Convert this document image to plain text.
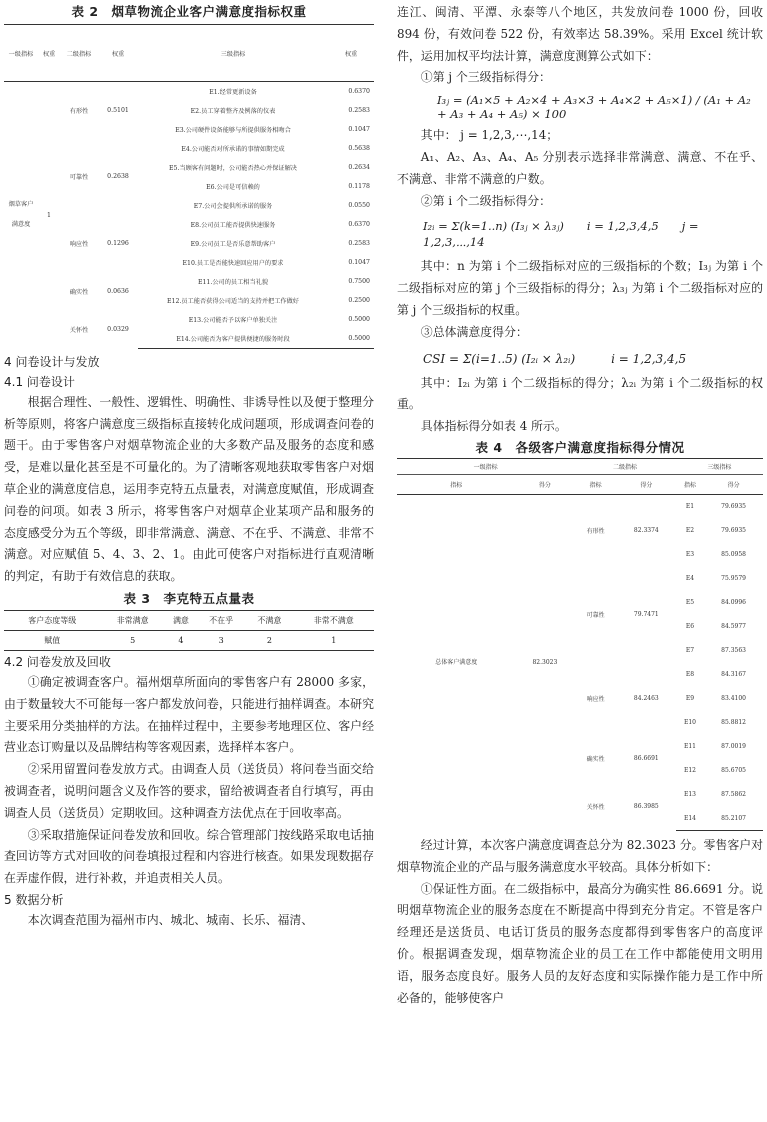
表 2　烟草物流企业客户满意度指标权重
一级指标	权重	二级指标	权重	三级指标	权重
烟草客户满意度	1	有形性	0.5101	E1.经常更新设备	0.6370
				E2.员工穿着整齐及例落的仪表	0.2583
				E3.公司硬件设备能够与所提供服务相吻合	0.1047
		可靠性	0.2638	E4.公司能否对所承诺的事情如期完成	0.5638
				E5.当顾客有问题时，公司能否热心并保证解决	0.2634
				E6.公司是可信赖的	0.1178
				E7.公司会提供所承诺的服务	0.0550
		响应性	0.1296	E8.公司员工能否提供快速服务	0.6370
				E9.公司员工是否乐意帮助客户	0.2583
				E10.员工是否能快速回应用户的要求	0.1047
		确实性	0.0636	E11.公司的员工相当礼貌	0.7500
				E12.员工能否获得公司适当的支持并把工作做好	0.2500
		关怀性	0.0329	E13.公司能否予以客户单独关注	0.5000
				E14.公司能否为客户提供便捷的服务时段	0.5000

4 问卷设计与发放

4.1 问卷设计

根据合理性、一般性、逻辑性、明确性、非诱导性以及便于整理分析等原则，将客户满意度三级指标直接转化成问题项，形成调查问卷的题干。由于零售客户对烟草物流企业的大多数产品及服务的态度和感受，是难以量化甚至是不可量化的。为了清晰客观地获取零售客户对烟草企业的满意度信息，运用李克特五点量表，对满意度赋值，形成调查问卷的问项。如表 3 所示，将零售客户对烟草企业某项产品和服务的态度感受分为五个等级，即非常满意、满意、不在乎、不满意、非常不满意。对应赋值 5、4、3、2、1。由此可使客户对指标进行直观清晰的判定，有助于有效信息的获取。

表 3　李克特五点量表
客户态度等级	非常满意	满意	不在乎	不满意	非常不满意
赋值	5	4	3	2	1

4.2 问卷发放及回收

①确定被调查客户。福州烟草所面向的零售客户有 28000 多家，由于数量较大不可能每一客户都发放问卷，只能进行抽样调查。本研究主要采用分类抽样的方法。在抽样过程中，主要参考地理区位、客户经营业态订购量以及品牌结构等客观因素，选择样本客户。

②采用留置问卷发放方式。由调查人员（送货员）将问卷当面交给被调查者，说明问题含义及作答的要求，留给被调查者自行填写，再由调查人员（送货员）定期收回。这种调查方法优点在于回收率高。

③采取措施保证问卷发放和回收。综合管理部门按线路采取电话抽查回访等方式对回收的问卷填报过程和内容进行核查。如果发现数据存在弄虚作假，进行补救，并追责相关人员。

5 数据分析

本次调查范围为福州市内、城北、城南、长乐、福清、

连江、闽清、平潭、永泰等八个地区，共发放问卷 1000 份，回收 894 份，有效问卷 522 份，有效率达 58.39%。采用 Excel 统计软件，运用加权平均法计算，满意度测算公式如下：

①第 j 个三级指标得分：

I₃ⱼ = (A₁×5 + A₂×4 + A₃×3 + A₄×2 + A₅×1) / (A₁ + A₂ + A₃ + A₄ + A₅) × 100

其中： j = 1,2,3,⋯,14；

A₁、A₂、A₃、A₄、A₅ 分别表示选择非常满意、满意、不在乎、不满意、非常不满意的户数。

②第 i 个二级指标得分：

I₂ᵢ = Σ(k=1..n) (I₃ⱼ × λ₃ⱼ)　　i = 1,2,3,4,5　　j = 1,2,3,⋯,14

其中：n 为第 i 个二级指标对应的三级指标的个数；I₃ⱼ 为第 i 个二级指标对应的第 j 个三级指标的得分；λ₃ⱼ 为第 i 个二级指标对应的第 j 个三级指标的权重。

③总体满意度得分：

CSI = Σ(i=1..5) (I₂ᵢ × λ₂ᵢ)　　　i = 1,2,3,4,5

其中：I₂ᵢ 为第 i 个二级指标的得分；λ₂ᵢ 为第 i 个二级指标的权重。

具体指标得分如表 4 所示。

表 4　各级客户满意度指标得分情况
一级指标		二级指标		三级指标	
指标	得分	指标	得分	指标	得分
总体客户满意度	82.3023	有形性	82.3374	E1	79.6935
				E2	79.6935
				E3	85.0958
		可靠性	79.7471	E4	75.9579
				E5	84.0996
				E6	84.5977
				E7	87.3563
		响应性	84.2463	E8	84.3167
				E9	83.4100
				E10	85.8812
		确实性	86.6691	E11	87.0019
				E12	85.6705
		关怀性	86.3985	E13	87.5862
				E14	85.2107

经过计算，本次客户满意度调查总分为 82.3023 分。零售客户对烟草物流企业的产品与服务满意度水平较高。具体分析如下：

①保证性方面。在二级指标中，最高分为确实性 86.6691 分。说明烟草物流企业的服务态度在不断提高中得到充分肯定。不管是客户经理还是送货员、电话订货员的服务态度都得到零售客户的高度评价。根据调查发现，烟草物流企业的员工在工作中都能使用文明用语，服务态度良好。服务人员的友好态度和实际操作能力是工作中所必备的，能够使客户
